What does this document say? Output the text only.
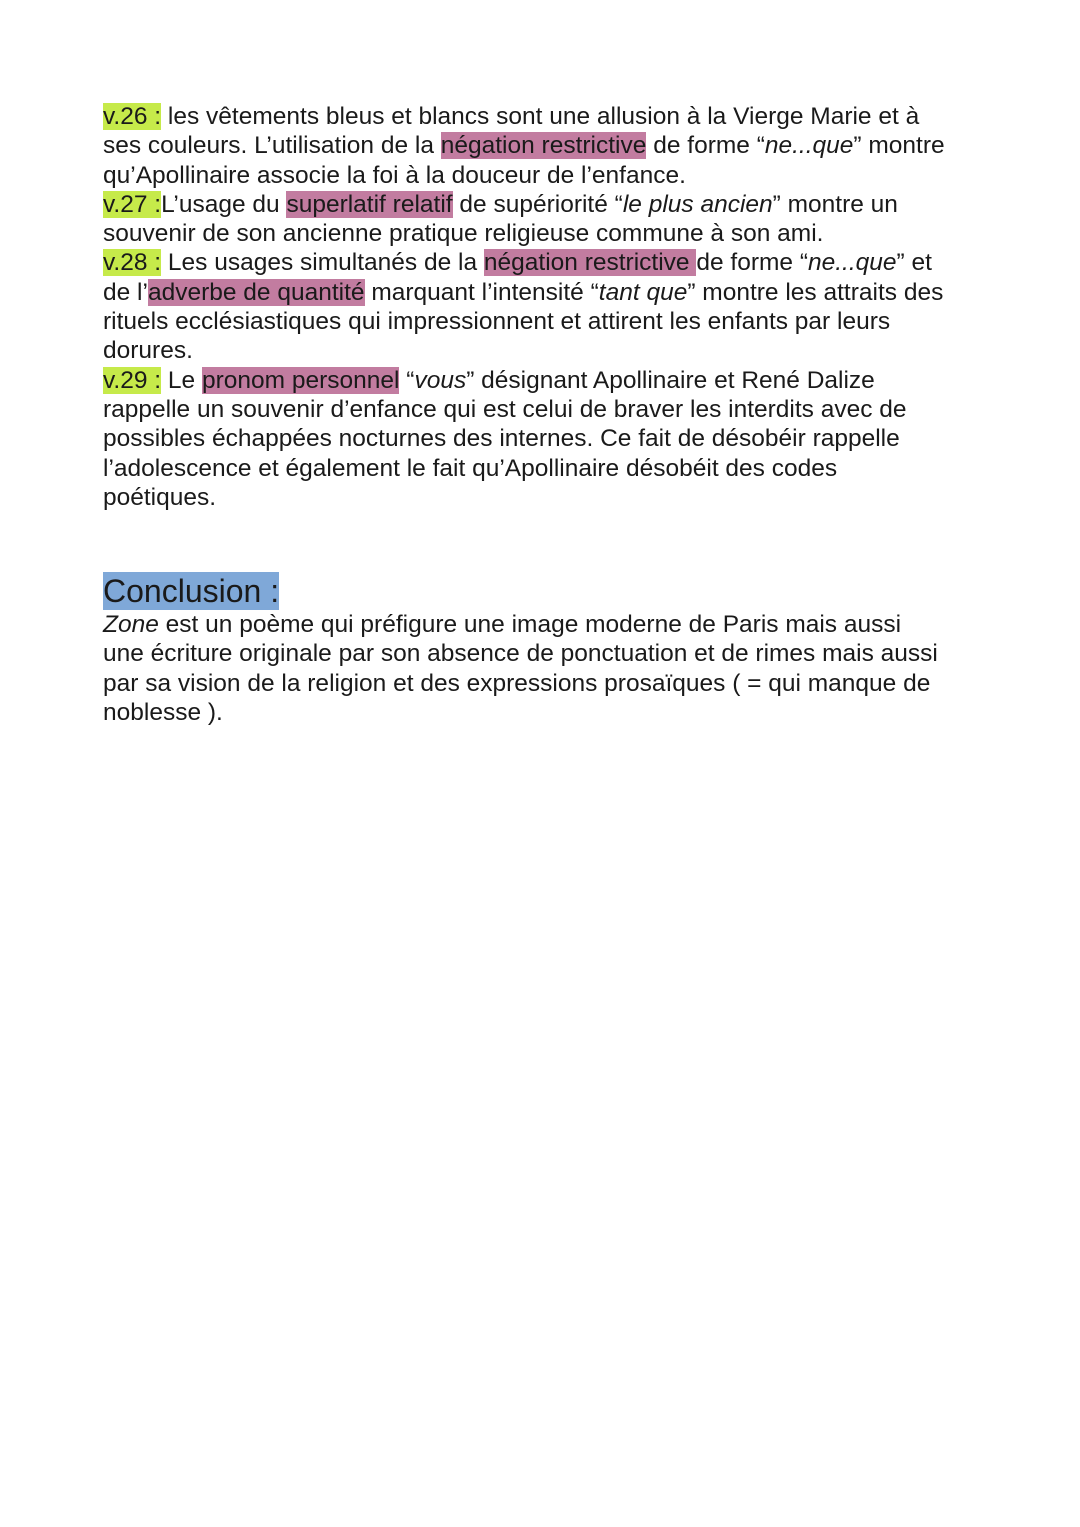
v.26 : les vêtements bleus et blancs sont une allusion à la Vierge Marie et à
ses couleurs. L’utilisation de la négation restrictive de forme “ne...que” montre
qu’Apollinaire associe la foi à la douceur de l’enfance.
v.27 :L’usage du superlatif relatif de supériorité “le plus ancien” montre un
souvenir de son ancienne pratique religieuse commune à son ami.
v.28 : Les usages simultanés de la négation restrictive de forme “ne...que” et
de l’adverbe de quantité marquant l’intensité “tant que” montre les attraits des
rituels ecclésiastiques qui impressionnent et attirent les enfants par leurs
dorures.
v.29 : Le pronom personnel “vous” désignant Apollinaire et René Dalize
rappelle un souvenir d’enfance qui est celui de braver les interdits avec de
possibles échappées nocturnes des internes. Ce fait de désobéir rappelle
l’adolescence et également le fait qu’Apollinaire désobéit des codes
poétiques.
Conclusion :
Zone est un poème qui préfigure une image moderne de Paris mais aussi
une écriture originale par son absence de ponctuation et de rimes mais aussi
par sa vision de la religion et des expressions prosaïques ( = qui manque de
noblesse ).
